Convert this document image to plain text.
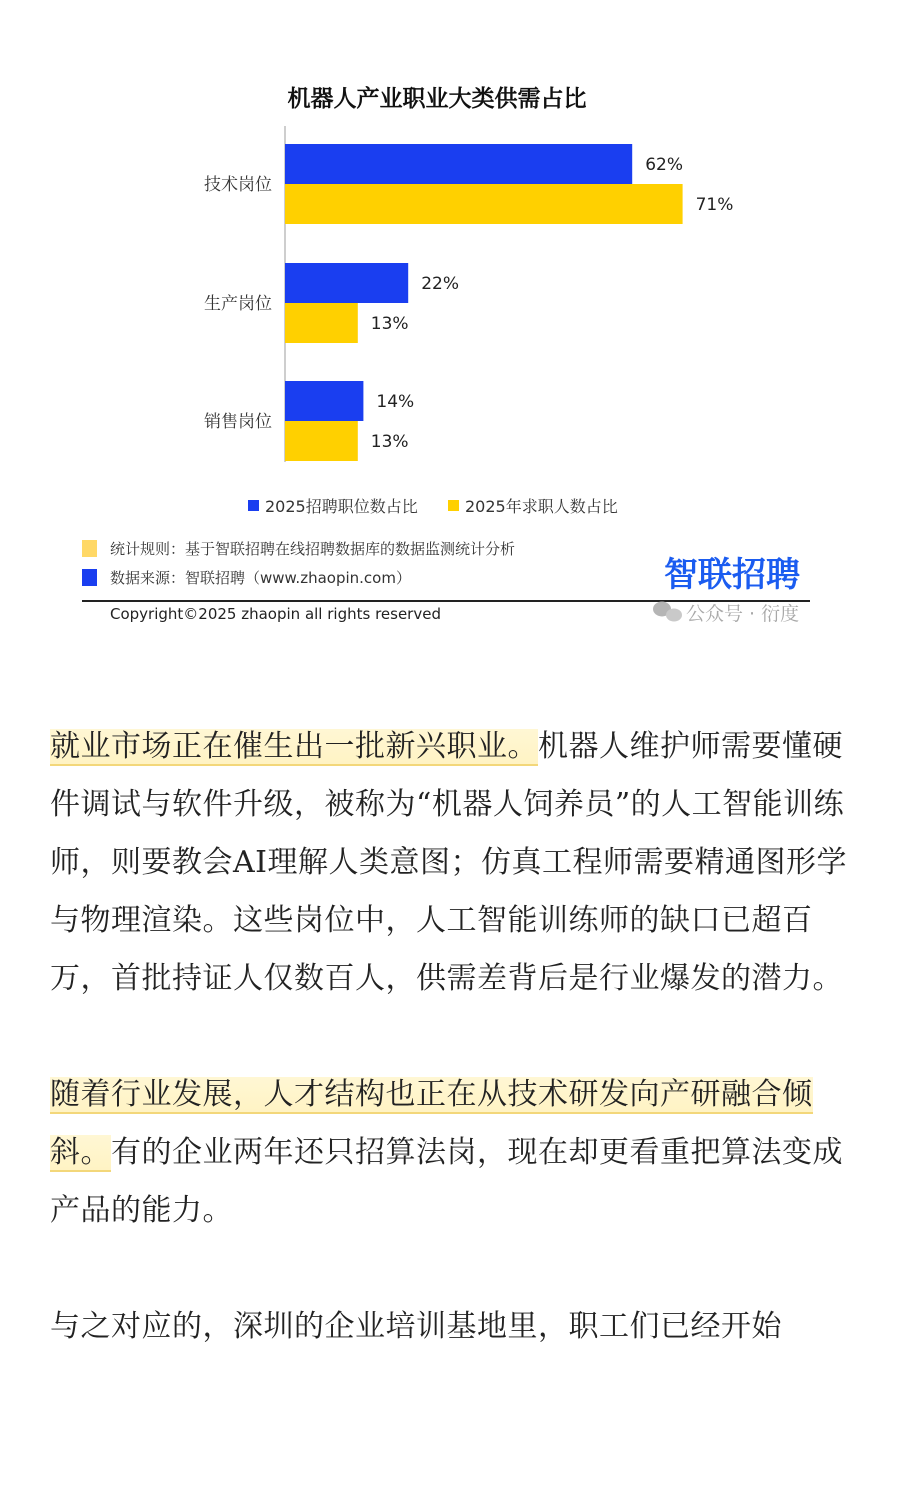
机器人产业职业大类供需占比
技术岗位
62%
71%
生产岗位
22%
13%
销售岗位
14%
13%
2025招聘职位数占比	2025年求职人数占比
统计规则：基于智联招聘在线招聘数据库的数据监测统计分析
数据来源：智联招聘（www.zhaopin.com）	智联招聘
Copyright©2025 zhaopin all rights reserved	公众号 · 衍度

就业市场正在催生出一批新兴职业。机器人维护师需要懂硬件调试与软件升级，被称为“机器人饲养员”的人工智能训练师，则要教会AI理解人类意图；仿真工程师需要精通图形学与物理渲染。这些岗位中，人工智能训练师的缺口已超百万，首批持证人仅数百人，供需差背后是行业爆发的潜力。

随着行业发展，人才结构也正在从技术研发向产研融合倾斜。有的企业两年还只招算法岗，现在却更看重把算法变成产品的能力。

与之对应的，深圳的企业培训基地里，职工们已经开始
